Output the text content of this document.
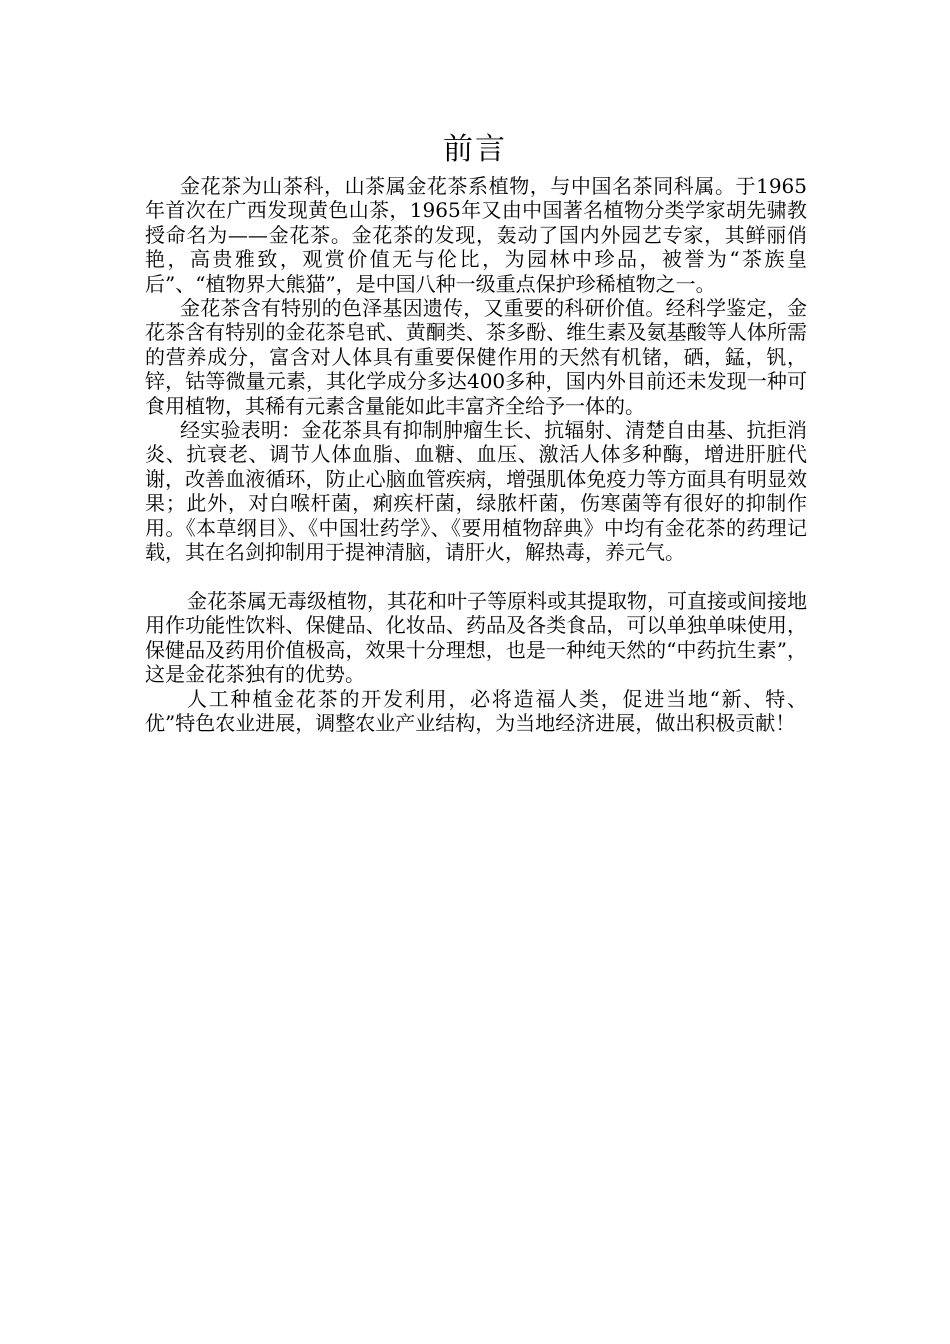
前言

金花茶为山茶科，山茶属金花茶系植物，与中国名茶同科属。于1965年首次在广西发现黄色山茶，1965年又由中国著名植物分类学家胡先骕教授命名为——金花茶。金花茶的发现，轰动了国内外园艺专家，其鲜丽俏艳，高贵雅致，观赏价值无与伦比，为园林中珍品，被誉为“茶族皇后”、“植物界大熊猫”，是中国八种一级重点保护珍稀植物之一。

金花茶含有特别的色泽基因遗传，又重要的科研价值。经科学鉴定，金花茶含有特别的金花茶皂甙、黄酮类、茶多酚、维生素及氨基酸等人体所需的营养成分，富含对人体具有重要保健作用的天然有机锗，硒，錳，钒，锌，钴等微量元素，其化学成分多达400多种，国内外目前还未发现一种可食用植物，其稀有元素含量能如此丰富齐全给予一体的。

经实验表明：金花茶具有抑制肿瘤生长、抗辐射、清楚自由基、抗拒消炎、抗衰老、调节人体血脂、血糖、血压、激活人体多种酶，增进肝脏代谢，改善血液循环，防止心脑血管疾病，增强肌体免疫力等方面具有明显效果；此外，对白喉杆菌，痢疾杆菌，绿脓杆菌，伤寒菌等有很好的抑制作用。《本草纲目》、《中国壮药学》、《要用植物辞典》中均有金花茶的药理记载，其在名剑抑制用于提神清脑，请肝火，解热毒，养元气。

金花茶属无毒级植物，其花和叶子等原料或其提取物，可直接或间接地用作功能性饮料、保健品、化妆品、药品及各类食品，可以单独单味使用，保健品及药用价值极高，效果十分理想，也是一种纯天然的“中药抗生素”，这是金花茶独有的优势。

人工种植金花茶的开发利用，必将造福人类，促进当地“新、特、优”特色农业进展，调整农业产业结构，为当地经济进展，做出积极贡献！
